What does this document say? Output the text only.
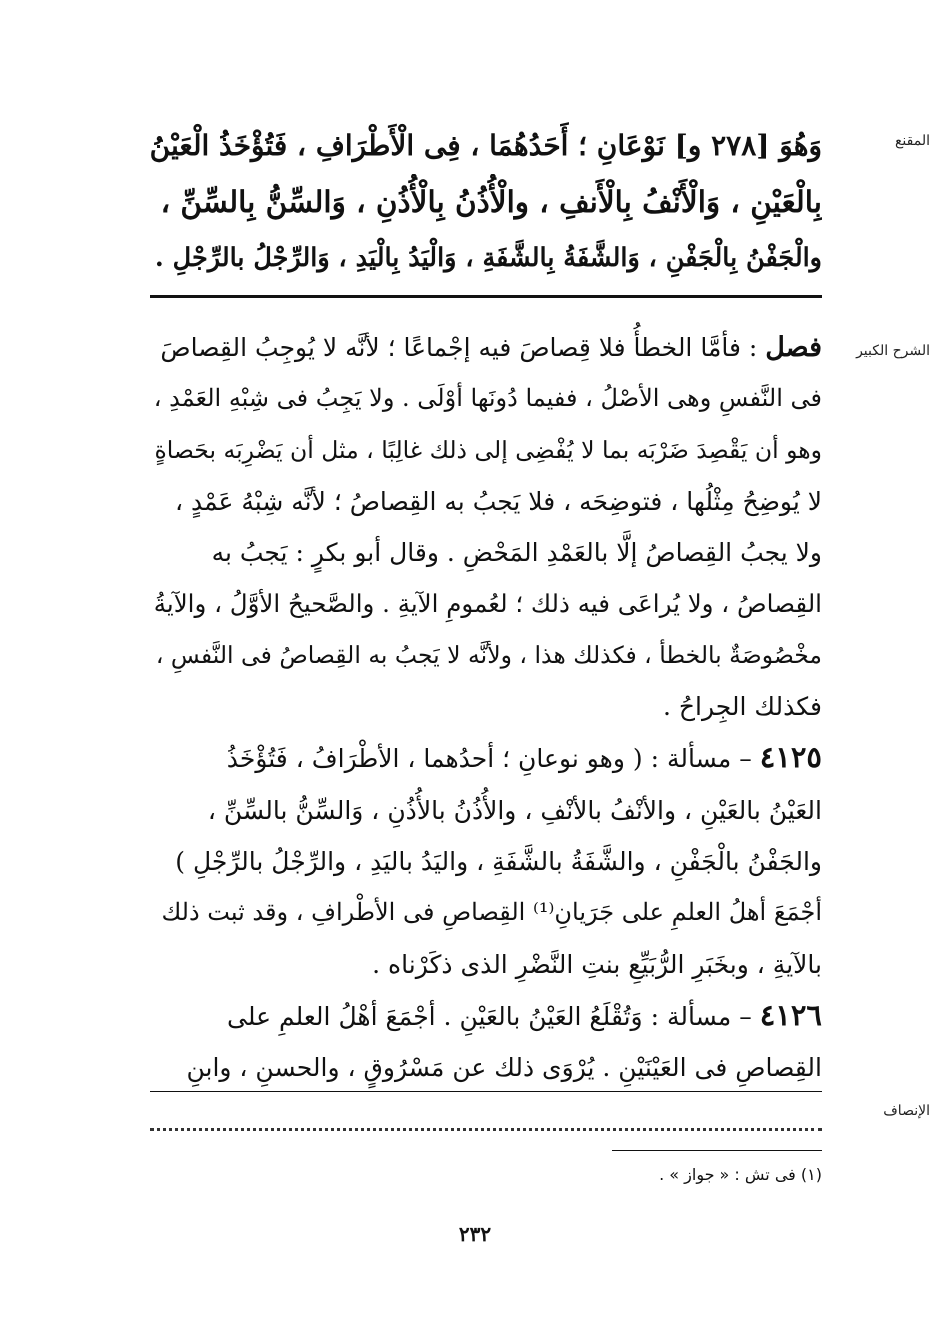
المقنع
الشرح الكبير
الإنصاف
وَهُوَ [٢٧٨ و] نَوْعَانِ ؛ أَحَدُهُمَا ، فِى الْأَطْرَافِ ، فَتُؤْخَذُ الْعَيْنُ
بِالْعَيْنِ ، وَالْأَنْفُ بِالْأَنفِ ، والْأُذُنُ بِالْأُذُنِ ، وَالسِّنُّ بِالسِّنِّ ،
والْجَفْنُ بِالْجَفْنِ ، وَالشَّفَةُ بِالشَّفَةِ ، وَالْيَدُ بِالْيَدِ ، وَالرِّجْلُ بالرِّجْلِ .
فصل : فأمَّا الخطأُ فلا قِصاصَ فيه إجْماعًا ؛ لأنَّه لا يُوجِبُ القِصاصَ
فى النَّفسِ وهى الأصْلُ ، ففيما دُونَها أوْلَى . ولا يَجِبُ فى شِبْهِ العَمْدِ ،
وهو أن يَقْصِدَ ضَرْبَه بما لا يُفْضِى إلى ذلك غالِبًا ، مثل أن يَضْرِبَه بحَصاةٍ
لا يُوضِحُ مِثْلُها ، فتوضِحَه ، فلا يَجبُ به القِصاصُ ؛ لأنَّه شِبْهُ عَمْدٍ ،
ولا يجبُ القِصاصُ إلَّا بالعَمْدِ المَحْضِ . وقال أبو بكرٍ : يَجبُ به
القِصاصُ ، ولا يُراعَى فيه ذلك ؛ لعُمومِ الآيةِ . والصَّحيحُ الأوَّلُ ، والآيةُ
مخْصُوصَةٌ بالخطأ ، فكذلك هذا ، ولأنَّه لا يَجبُ به القِصاصُ فى النَّفسِ ،
فكذلك الجِراحُ .
٤١٢٥ – مسألة : ( وهو نوعانِ ؛ أحدُهما ، الأطْرَافُ ، فَتُؤْخَذُ
العَيْنُ بالعَيْنِ ، والأنْفُ بالأنْفِ ، والأُذُنُ بالأُذُنِ ، وَالسِّنُّ بالسِّنِّ ،
والجَفْنُ بالْجَفْنِ ، والشَّفَةُ بالشَّفَةِ ، واليَدُ باليَدِ ، والرِّجْلُ بالرِّجْلِ )
أجْمَعَ أهلُ العلمِ على جَرَيانِ⁽¹⁾ القِصاصِ فى الأطْرافِ ، وقد ثبت ذلك
بالآيةِ ، وبخَبَرِ الرُّبَيِّعِ بنتِ النَّضْرِ الذى ذكَرْناه .
٤١٢٦ – مسألة : وَتُقْلَعُ العَيْنُ بالعَيْنِ . أجْمَعَ أهْلُ العلمِ على
القِصاصِ فى العَيْنَيْنِ . يُرْوَى ذلك عن مَسْرُوقٍ ، والحسنِ ، وابنِ
(١) فى تش : « جواز » .
٢٣٢
